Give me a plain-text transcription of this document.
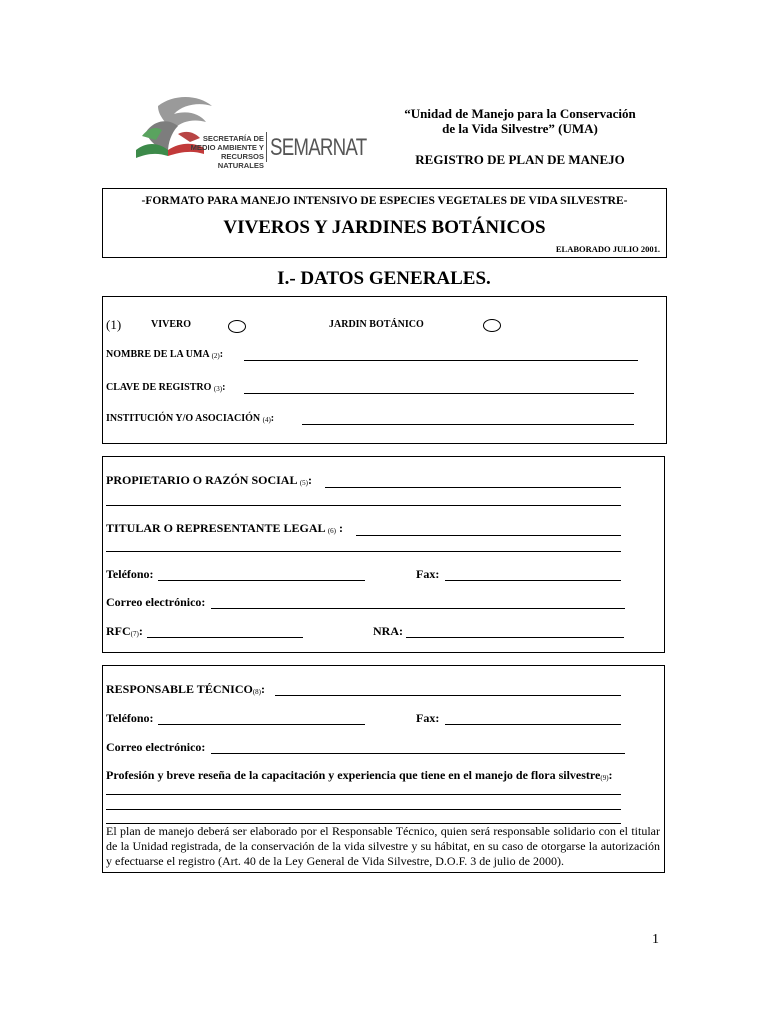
SECRETARÍA DE
MEDIO AMBIENTE Y
RECURSOS NATURALES
SEMARNAT
“Unidad de Manejo para la Conservación
de la Vida Silvestre” (UMA)
REGISTRO DE PLAN DE MANEJO
-FORMATO PARA MANEJO INTENSIVO DE ESPECIES VEGETALES DE VIDA SILVESTRE-
VIVEROS Y JARDINES BOTÁNICOS
ELABORADO JULIO 2001.
I.- DATOS GENERALES.
(1)	VIVERO	JARDIN BOTÁNICO
NOMBRE DE LA UMA (2):
CLAVE DE REGISTRO (3):
INSTITUCIÓN Y/O ASOCIACIÓN (4):
PROPIETARIO O RAZÓN SOCIAL (5):
TITULAR O REPRESENTANTE LEGAL (6) :
Teléfono:	Fax:
Correo electrónico:
RFC(7):	NRA:
RESPONSABLE TÉCNICO(8):
Teléfono:	Fax:
Correo electrónico:
Profesión y breve reseña de la capacitación y experiencia que tiene en el manejo de flora silvestre(9):
El plan de manejo deberá ser elaborado por el Responsable Técnico, quien será responsable solidario con el titular de la Unidad registrada, de la conservación de la vida silvestre y su hábitat, en su caso de otorgarse la autorización y efectuarse el registro (Art. 40 de la Ley General de Vida Silvestre, D.O.F. 3 de julio de 2000).
1
